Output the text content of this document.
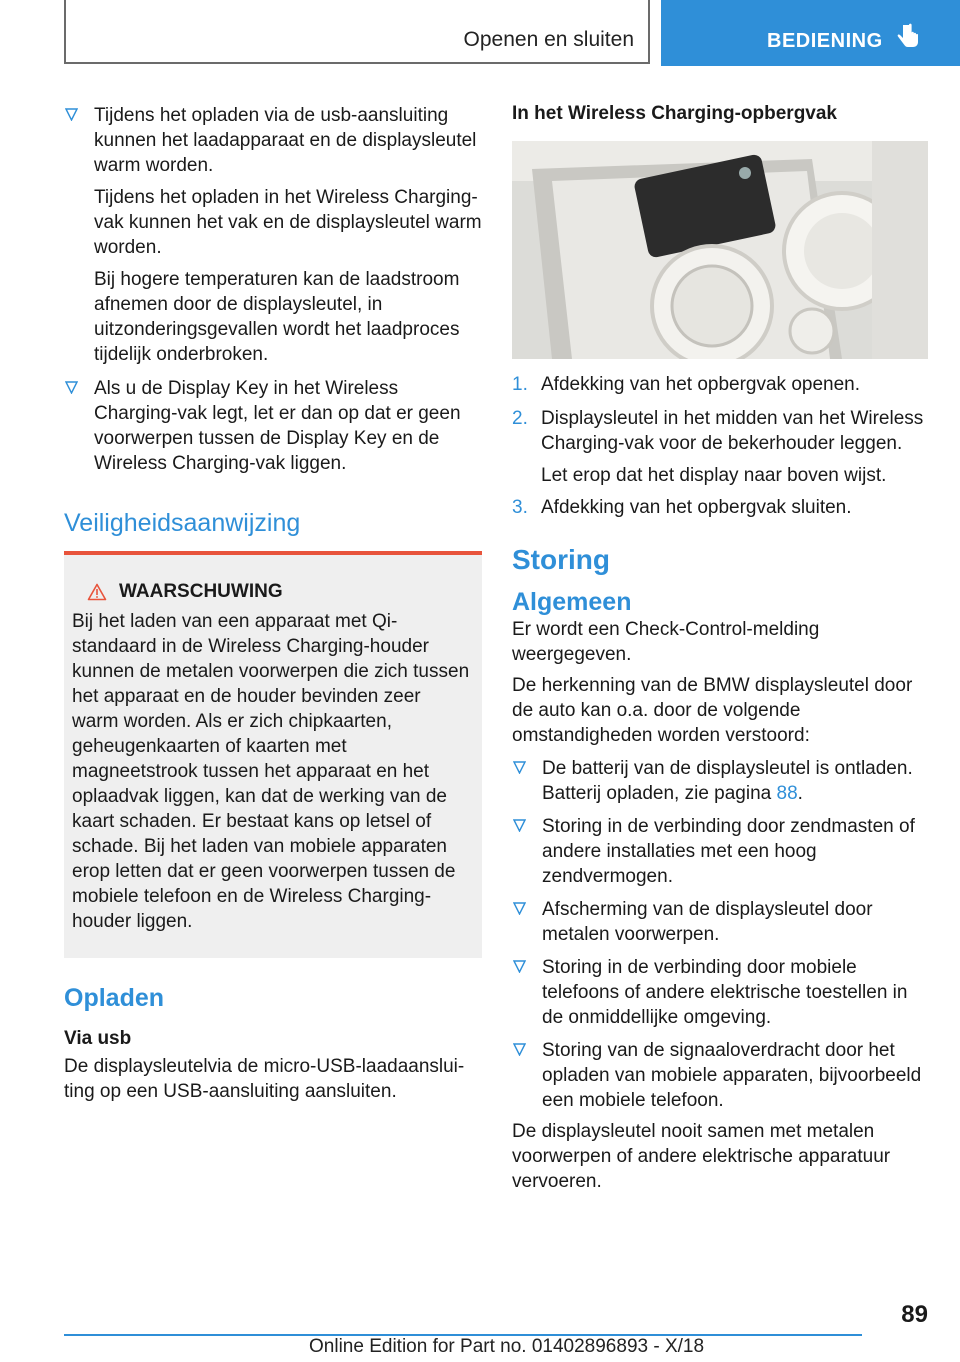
Openen en sluiten	BEDIENING
Tijdens het opladen via de usb-aansluiting kunnen het laadapparaat en de displaysleutel warm worden.
Tijdens het opladen in het Wireless Charging-vak kunnen het vak en de displaysleutel warm worden.
Bij hogere temperaturen kan de laadstroom afnemen door de displaysleutel, in uitzonderingsgevallen wordt het laadproces tijdelijk onderbroken.
Als u de Display Key in het Wireless Charging-vak legt, let er dan op dat er geen voorwerpen tussen de Display Key en de Wireless Charging-vak liggen.
Veiligheidsaanwijzing
WAARSCHUWING
Bij het laden van een apparaat met Qi-standaard in de Wireless Charging-houder kunnen de metalen voorwerpen die zich tussen het apparaat en de houder bevinden zeer warm worden. Als er zich chipkaarten, geheugenkaarten of kaarten met magneetstrook tussen het apparaat en het oplaadvak liggen, kan dat de werking van de kaart schaden. Er bestaat kans op letsel of schade. Bij het laden van mobiele apparaten erop letten dat er geen voorwerpen tussen de mobiele telefoon en de Wireless Charging-houder liggen.
Opladen
Via usb
De displaysleutelvia de micro-USB-laadaanslui- ting op een USB-aansluiting aansluiten.
In het Wireless Charging-opbergvak
1. Afdekking van het opbergvak openen.
2. Displaysleutel in het midden van het Wireless Charging-vak voor de bekerhouder leggen.
Let erop dat het display naar boven wijst.
3. Afdekking van het opbergvak sluiten.
Storing
Algemeen
Er wordt een Check-Control-melding weergegeven.
De herkenning van de BMW displaysleutel door de auto kan o.a. door de volgende omstandigheden worden verstoord:
De batterij van de displaysleutel is ontladen. Batterij opladen, zie pagina 88.
Storing in de verbinding door zendmasten of andere installaties met een hoog zendvermogen.
Afscherming van de displaysleutel door metalen voorwerpen.
Storing in de verbinding door mobiele telefoons of andere elektrische toestellen in de onmiddellijke omgeving.
Storing van de signaaloverdracht door het opladen van mobiele apparaten, bijvoorbeeld een mobiele telefoon.
De displaysleutel nooit samen met metalen voorwerpen of andere elektrische apparatuur vervoeren.
89
Online Edition for Part no. 01402896893 - X/18
